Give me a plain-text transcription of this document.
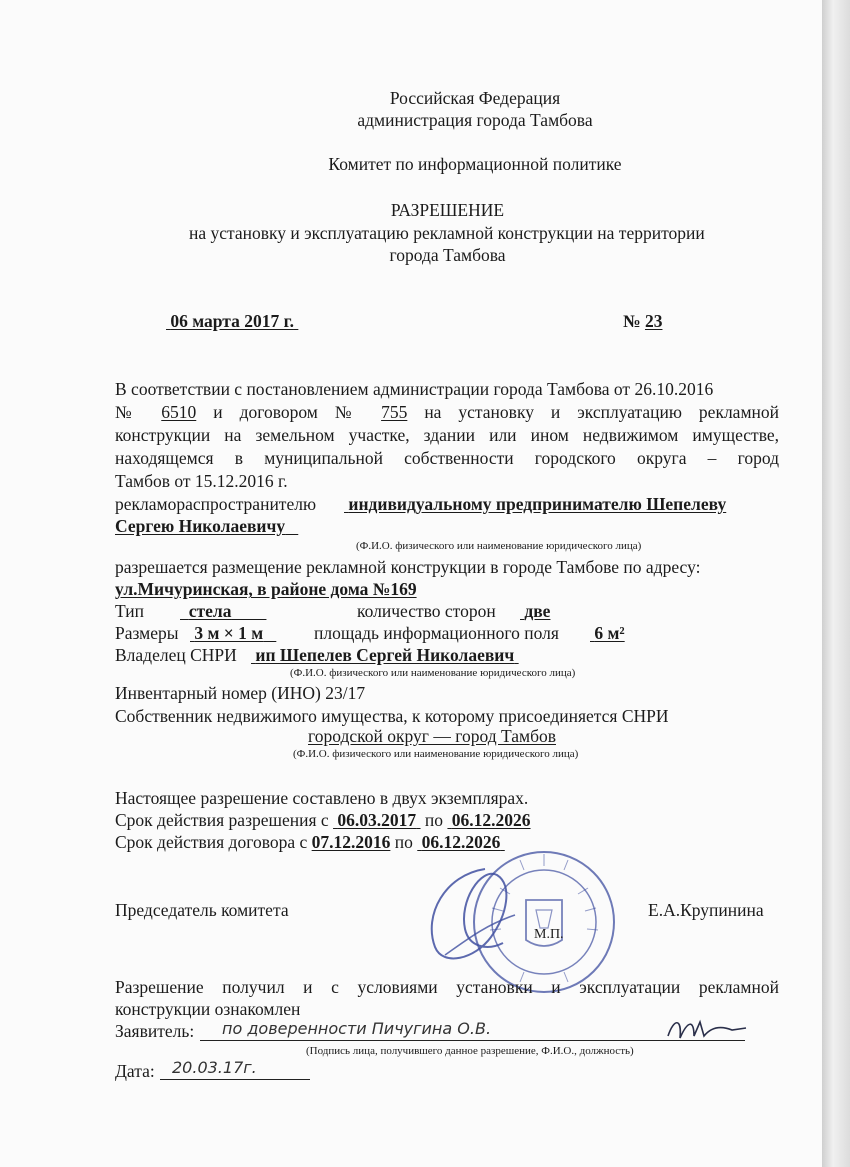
Российская Федерация
администрация города Тамбова
Комитет по информационной политике
РАЗРЕШЕНИЕ
на установку и эксплуатацию рекламной конструкции на территории
города Тамбова
06 марта 2017 г.	№ 23
В соответствии с постановлением администрации города Тамбова от 26.10.2016
№ 6510 и договором № 755 на установку и эксплуатацию рекламной
конструкции на земельном участке, здании или ином недвижимом имуществе,
находящемся в муниципальной собственности городского округа – город
Тамбов от 15.12.2016 г.
рекламораспространителю индивидуальному предпринимателю Шепелеву
Сергею Николаевичу
(Ф.И.О. физического или наименование юридического лица)
разрешается размещение рекламной конструкции в городе Тамбове по адресу:
ул.Мичуринская, в районе дома №169
Тип	стела	количество сторон две
Размеры 3 м × 1 м	площадь информационного поля 6 м²
Владелец СНРИ ип Шепелев Сергей Николаевич
(Ф.И.О. физического или наименование юридического лица)
Инвентарный номер (ИНО) 23/17
Собственник недвижимого имущества, к которому присоединяется СНРИ
городской округ — город Тамбов
(Ф.И.О. физического или наименование юридического лица)
Настоящее разрешение составлено в двух экземплярах.
Срок действия разрешения с 06.03.2017 по 06.12.2026
Срок действия договора с 07.12.2016 по 06.12.2026
Председатель комитета	Е.А.Крупинина
М.П.
Разрешение получил и с условиями установки и эксплуатации рекламной
конструкции ознакомлен
Заявитель: по доверенности Пичугина О.В.
(Подпись лица, получившего данное разрешение, Ф.И.О., должность)
Дата: 20.03.17г.
